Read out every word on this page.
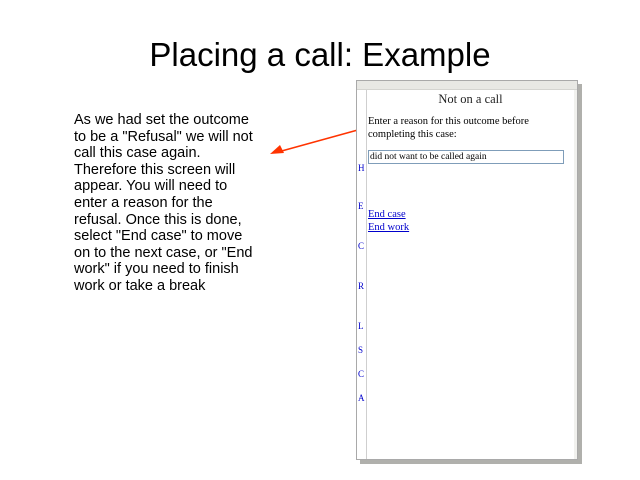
Placing a call: Example
As we had set the outcome to be a "Refusal" we will not call this case again. Therefore this screen will appear. You will need to enter a reason for the refusal. Once this is done, select "End case" to move on to the next case, or "End work" if you need to finish work or take a break
H
E
C
R
L
S
C
A
Not on a call
Enter a reason for this outcome before completing this case:
did not want to be called again
End case
End work
